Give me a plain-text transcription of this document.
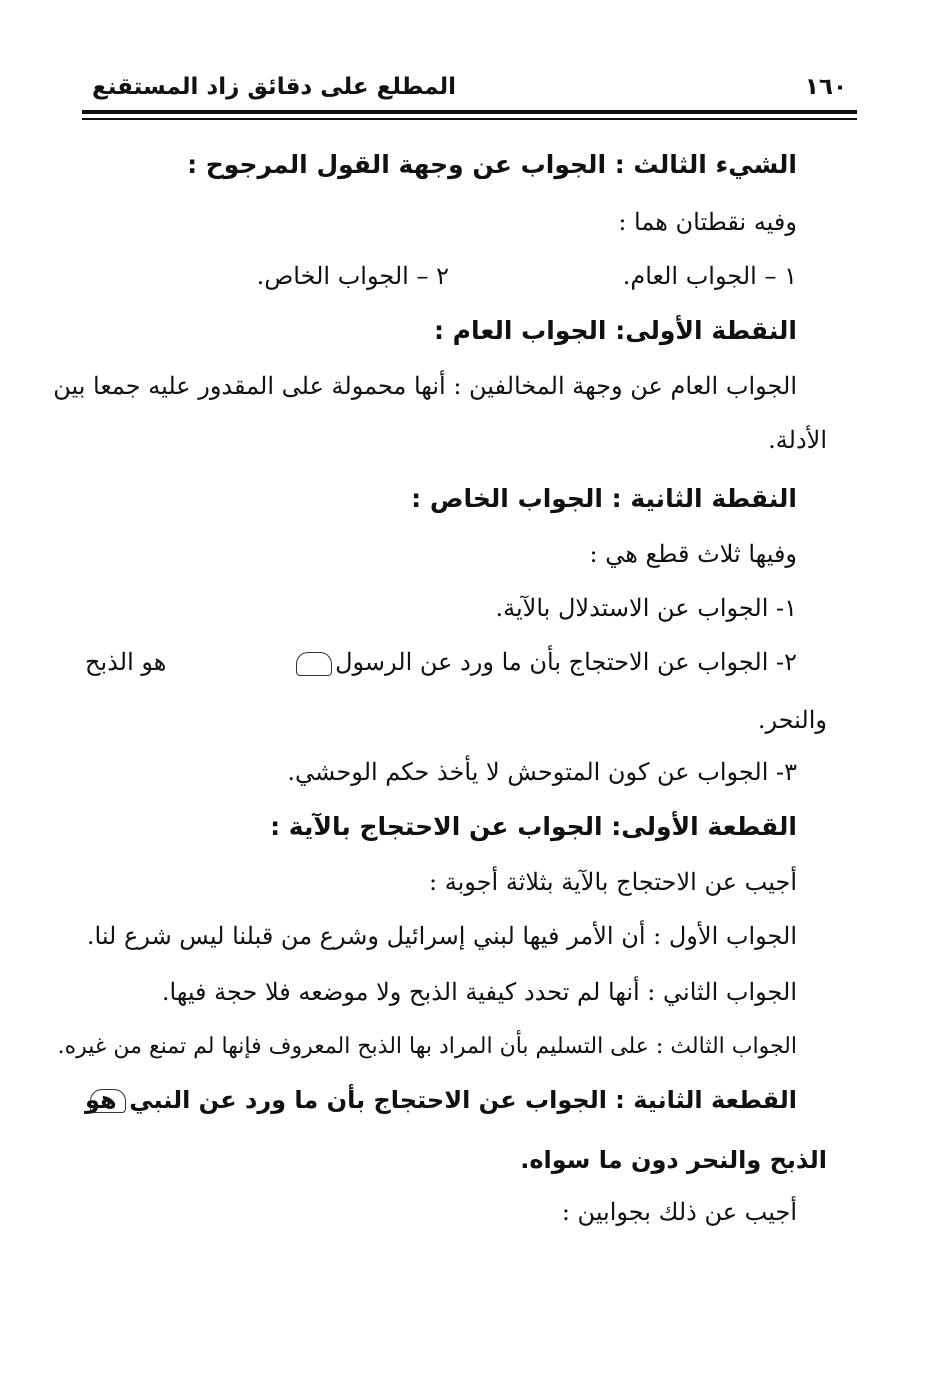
١٦٠
المطلع على دقائق زاد المستقنع
الشيء الثالث : الجواب عن وجهة القول المرجوح :
وفيه نقطتان هما :
١ – الجواب العام.
٢ – الجواب الخاص.
النقطة الأولى: الجواب العام :
الجواب العام عن وجهة المخالفين : أنها محمولة على المقدور عليه جمعا بين
الأدلة.
النقطة الثانية : الجواب الخاص :
وفيها ثلاث قطع هي :
١- الجواب عن الاستدلال بالآية.
٢- الجواب عن الاحتجاج بأن ما ورد عن الرسول
هو الذبح
والنحر.
٣- الجواب عن كون المتوحش لا يأخذ حكم الوحشي.
القطعة الأولى: الجواب عن الاحتجاج بالآية :
أجيب عن الاحتجاج بالآية بثلاثة أجوبة :
الجواب الأول : أن الأمر فيها لبني إسرائيل وشرع من قبلنا ليس شرع لنا.
الجواب الثاني : أنها لم تحدد كيفية الذبح ولا موضعه فلا حجة فيها.
الجواب الثالث : على التسليم بأن المراد بها الذبح المعروف فإنها لم تمنع من غيره.
القطعة الثانية : الجواب عن الاحتجاج بأن ما ورد عن النبي
هو
الذبح والنحر دون ما سواه.
أجيب عن ذلك بجوابين :
